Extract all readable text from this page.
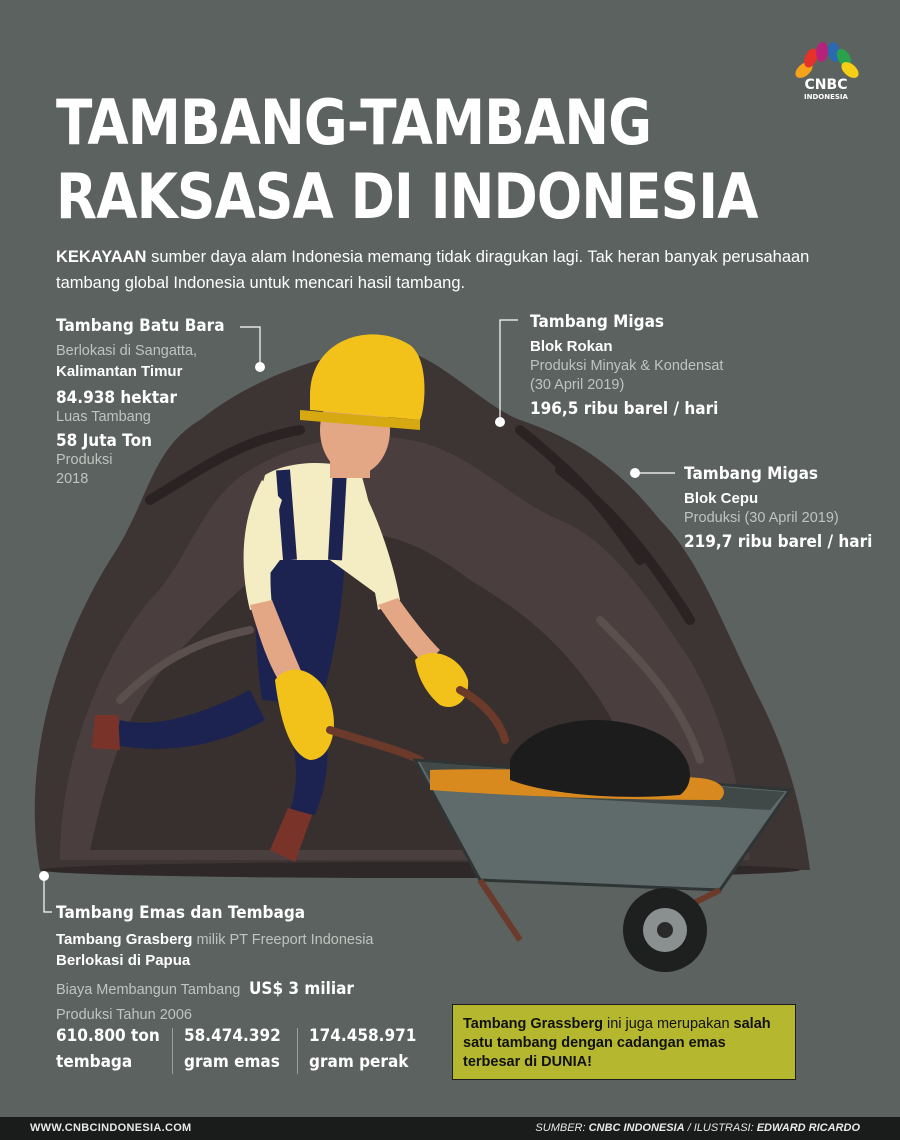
CNBC
INDONESIA
TAMBANG-TAMBANG
RAKSASA DI INDONESIA
KEKAYAAN sumber daya alam Indonesia memang tidak diragukan lagi. Tak heran banyak perusahaan tambang global Indonesia untuk mencari hasil tambang.
Tambang Batu Bara
Berlokasi di Sangatta,
Kalimantan Timur
84.938 hektar
Luas Tambang
58 Juta Ton
Produksi
2018
Tambang Migas
Blok Rokan
Produksi Minyak & Kondensat
(30 April 2019)
196,5 ribu barel / hari
Tambang Migas
Blok Cepu
Produksi (30 April 2019)
219,7 ribu barel / hari
Tambang Emas dan Tembaga
Tambang Grasberg milik PT Freeport Indonesia
Berlokasi di Papua
Biaya Membangun Tambang US$ 3 miliar
Produksi Tahun 2006
610.800 ton
tembaga
58.474.392
gram emas
174.458.971
gram perak
Tambang Grassberg ini juga merupakan salah satu tambang dengan cadangan emas terbesar di DUNIA!
WWW.CNBCINDONESIA.COM	SUMBER: CNBC INDONESIA / ILUSTRASI: EDWARD RICARDO
